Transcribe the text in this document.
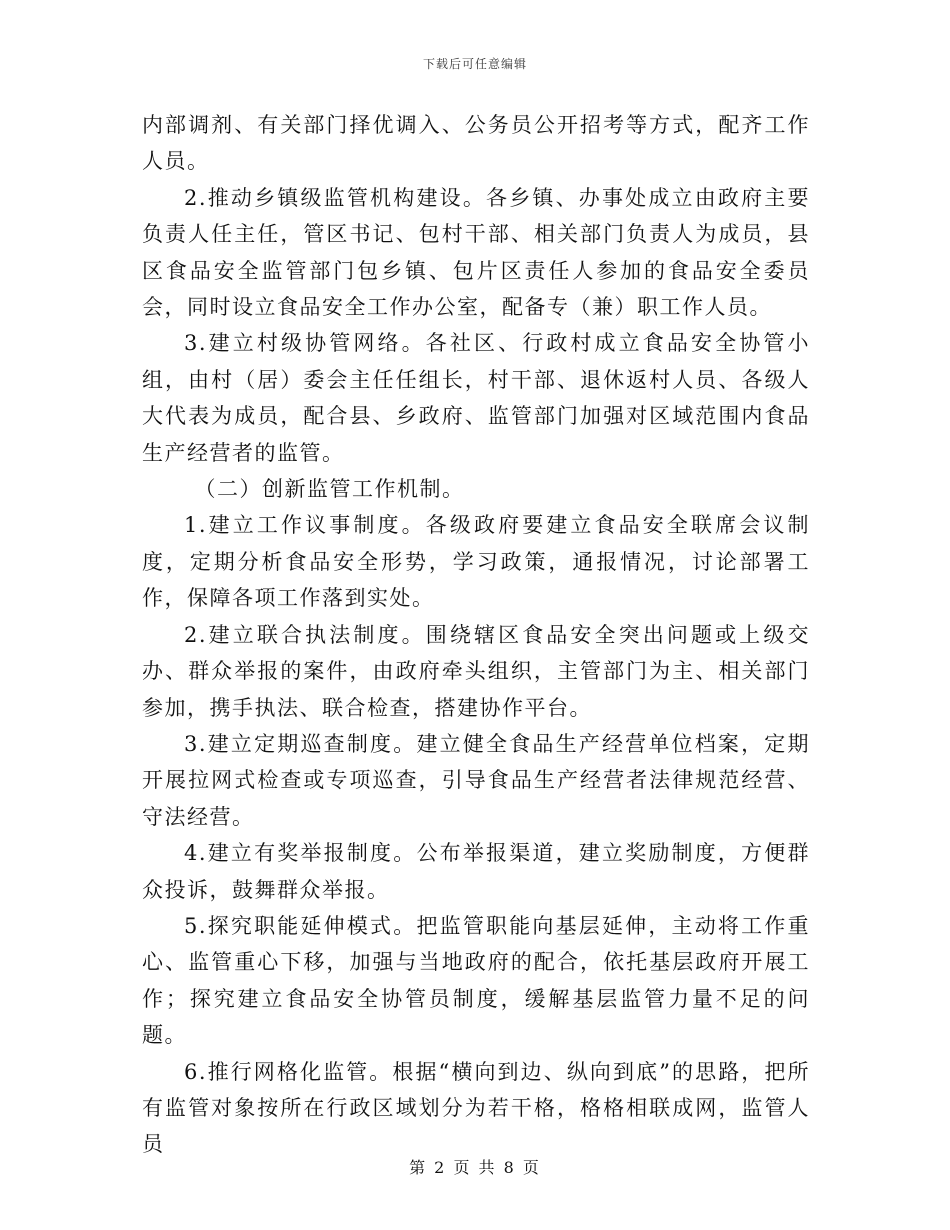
下载后可任意编辑

内部调剂、有关部门择优调入、公务员公开招考等方式，配齐工作人员。

2.推动乡镇级监管机构建设。各乡镇、办事处成立由政府主要负责人任主任，管区书记、包村干部、相关部门负责人为成员，县区食品安全监管部门包乡镇、包片区责任人参加的食品安全委员会，同时设立食品安全工作办公室，配备专（兼）职工作人员。

3.建立村级协管网络。各社区、行政村成立食品安全协管小组，由村（居）委会主任任组长，村干部、退休返村人员、各级人大代表为成员，配合县、乡政府、监管部门加强对区域范围内食品生产经营者的监管。

（二）创新监管工作机制。

1.建立工作议事制度。各级政府要建立食品安全联席会议制度，定期分析食品安全形势，学习政策，通报情况，讨论部署工作，保障各项工作落到实处。

2.建立联合执法制度。围绕辖区食品安全突出问题或上级交办、群众举报的案件，由政府牵头组织，主管部门为主、相关部门参加，携手执法、联合检查，搭建协作平台。

3.建立定期巡查制度。建立健全食品生产经营单位档案，定期开展拉网式检查或专项巡查，引导食品生产经营者法律规范经营、守法经营。

4.建立有奖举报制度。公布举报渠道，建立奖励制度，方便群众投诉，鼓舞群众举报。

5.探究职能延伸模式。把监管职能向基层延伸，主动将工作重心、监管重心下移，加强与当地政府的配合，依托基层政府开展工作；探究建立食品安全协管员制度，缓解基层监管力量不足的问题。

6.推行网格化监管。根据“横向到边、纵向到底”的思路，把所有监管对象按所在行政区域划分为若干格，格格相联成网，监管人员

第 2 页 共 8 页
